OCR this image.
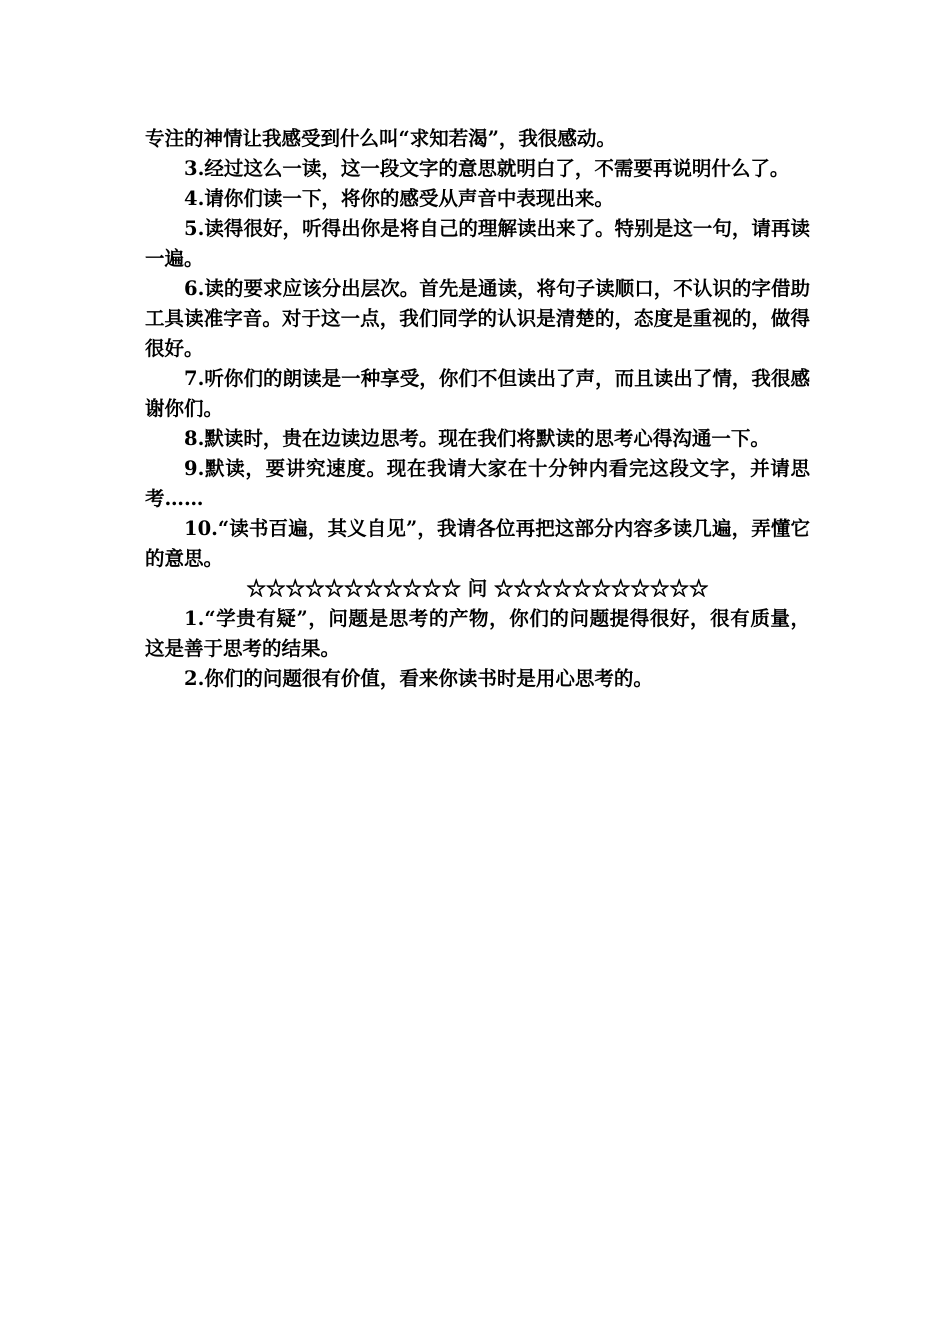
专注的神情让我感受到什么叫“求知若渴”，我很感动。

3.经过这么一读，这一段文字的意思就明白了，不需要再说明什么了。

4.请你们读一下，将你的感受从声音中表现出来。

5.读得很好，听得出你是将自己的理解读出来了。特别是这一句，请再读一遍。

6.读的要求应该分出层次。首先是通读，将句子读顺口，不认识的字借助工具读准字音。对于这一点，我们同学的认识是清楚的，态度是重视的，做得很好。

7.听你们的朗读是一种享受，你们不但读出了声，而且读出了情，我很感谢你们。

8.默读时，贵在边读边思考。现在我们将默读的思考心得沟通一下。

9.默读，要讲究速度。现在我请大家在十分钟内看完这段文字，并请思考……

10.“读书百遍，其义自见”，我请各位再把这部分内容多读几遍，弄懂它的意思。

☆☆☆☆☆☆☆☆☆☆☆ 问 ☆☆☆☆☆☆☆☆☆☆☆

1.“学贵有疑”，问题是思考的产物，你们的问题提得很好，很有质量，这是善于思考的结果。

2.你们的问题很有价值，看来你读书时是用心思考的。
